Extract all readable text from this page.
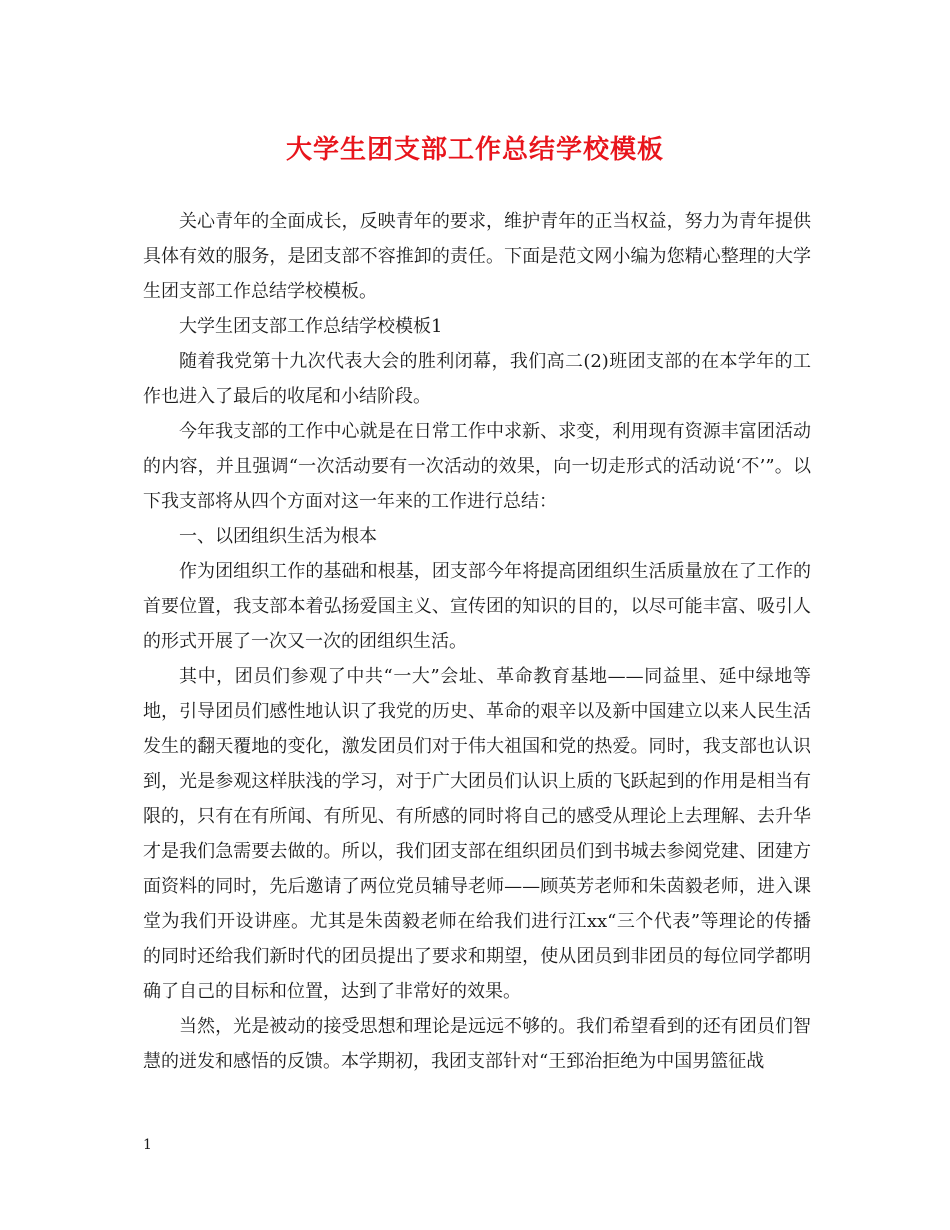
大学生团支部工作总结学校模板

关心青年的全面成长，反映青年的要求，维护青年的正当权益，努力为青年提供具体有效的服务，是团支部不容推卸的责任。下面是范文网小编为您精心整理的大学生团支部工作总结学校模板。

大学生团支部工作总结学校模板1

随着我党第十九次代表大会的胜利闭幕，我们高二(2)班团支部的在本学年的工作也进入了最后的收尾和小结阶段。

今年我支部的工作中心就是在日常工作中求新、求变，利用现有资源丰富团活动的内容，并且强调“一次活动要有一次活动的效果，向一切走形式的活动说‘不’”。以下我支部将从四个方面对这一年来的工作进行总结：

一、以团组织生活为根本

作为团组织工作的基础和根基，团支部今年将提高团组织生活质量放在了工作的首要位置，我支部本着弘扬爱国主义、宣传团的知识的目的，以尽可能丰富、吸引人的形式开展了一次又一次的团组织生活。

其中，团员们参观了中共“一大”会址、革命教育基地——同益里、延中绿地等地，引导团员们感性地认识了我党的历史、革命的艰辛以及新中国建立以来人民生活发生的翻天覆地的变化，激发团员们对于伟大祖国和党的热爱。同时，我支部也认识到，光是参观这样肤浅的学习，对于广大团员们认识上质的飞跃起到的作用是相当有限的，只有在有所闻、有所见、有所感的同时将自己的感受从理论上去理解、去升华才是我们急需要去做的。所以，我们团支部在组织团员们到书城去参阅党建、团建方面资料的同时，先后邀请了两位党员辅导老师——顾英芳老师和朱茵毅老师，进入课堂为我们开设讲座。尤其是朱茵毅老师在给我们进行江xx“三个代表”等理论的传播的同时还给我们新时代的团员提出了要求和期望，使从团员到非团员的每位同学都明确了自己的目标和位置，达到了非常好的效果。

当然，光是被动的接受思想和理论是远远不够的。我们希望看到的还有团员们智慧的迸发和感悟的反馈。本学期初，我团支部针对“王郅治拒绝为中国男篮征战

1
